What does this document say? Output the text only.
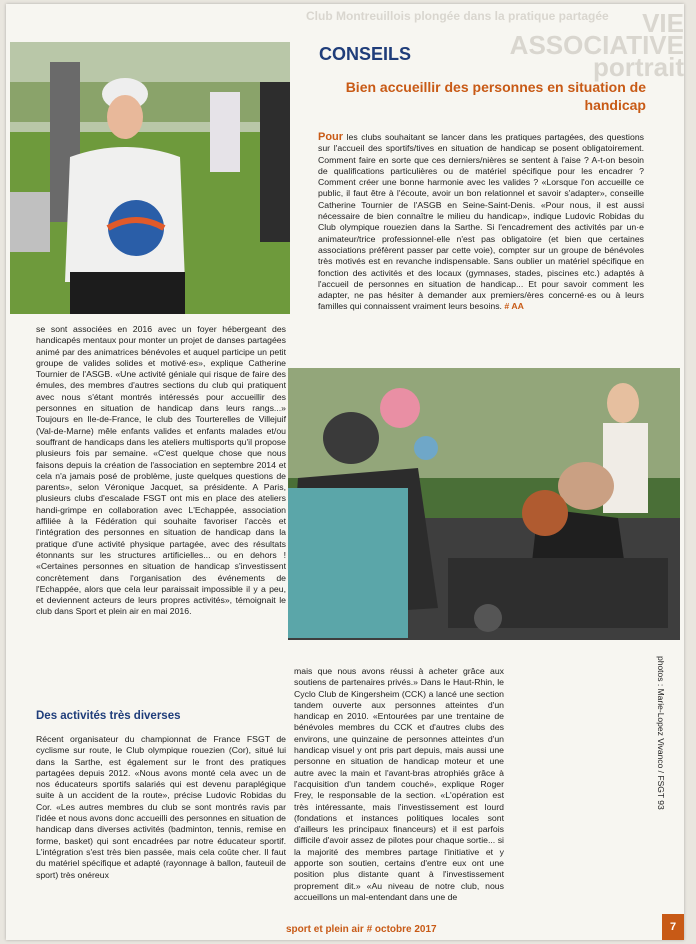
Club Montreuillois plongée dans la pratique partagée	VIE ASSOCIATIVE portrait
CONSEILS
Bien accueillir des personnes en situation de handicap

Pour les clubs souhaitant se lancer dans les pratiques partagées, des questions sur l'accueil des sportifs/tives en situation de handicap se posent obligatoirement. Comment faire en sorte que ces derniers/nières se sentent à l'aise ? A-t-on besoin de qualifications particulières ou de matériel spécifique pour les encadrer ? Comment créer une bonne harmonie avec les valides ? «Lorsque l'on accueille ce public, il faut être à l'écoute, avoir un bon relationnel et savoir s'adapter», conseille Catherine Tournier de l'ASGB en Seine-Saint-Denis. «Pour nous, il est aussi nécessaire de bien connaître le milieu du handicap», indique Ludovic Robidas du Club olympique rouezien dans la Sarthe. Si l'encadrement des activités par un·e animateur/trice professionnel·elle n'est pas obligatoire (et bien que certaines associations préfèrent passer par cette voie), compter sur un groupe de bénévoles très motivés est en revanche indispensable. Sans oublier un matériel spécifique en fonction des activités et des locaux (gymnases, stades, piscines etc.) adaptés à l'accueil de personnes en situation de handicap... Et pour savoir comment les adapter, ne pas hésiter à demander aux premiers/ères concerné·es ou à leurs familles qui connaissent vraiment leurs besoins. # AA

se sont associées en 2016 avec un foyer hébergeant des handicapés mentaux pour monter un projet de danses partagées animé par des animatrices bénévoles et auquel participe un petit groupe de valides solides et motivé·es», explique Catherine Tournier de l'ASGB. «Une activité géniale qui risque de faire des émules, des membres d'autres sections du club qui pratiquent avec nous s'étant montrés intéressés pour accueillir des personnes en situation de handicap dans leurs rangs...» Toujours en Ile-de-France, le club des Tourterelles de Villejuif (Val-de-Marne) mêle enfants valides et enfants malades et/ou souffrant de handicaps dans les ateliers multisports qu'il propose plusieurs fois par semaine. «C'est quelque chose que nous faisons depuis la création de l'association en septembre 2014 et cela n'a jamais posé de problème, juste quelques questions de parents», selon Véronique Jacquet, sa présidente. A Paris, plusieurs clubs d'escalade FSGT ont mis en place des ateliers handi-grimpe en collaboration avec L'Echappée, association affiliée à la Fédération qui souhaite favoriser l'accès et l'intégration des personnes en situation de handicap dans la pratique d'une activité physique partagée, avec des résultats étonnants sur les structures artificielles... ou en dehors ! «Certaines personnes en situation de handicap s'investissent concrètement dans l'organisation des événements de l'Echappée, alors que cela leur paraissait impossible il y a peu, et deviennent acteurs de leurs propres activités», témoignait le club dans Sport et plein air en mai 2016.
Des activités très diverses
Récent organisateur du championnat de France FSGT de cyclisme sur route, le Club olympique rouezien (Cor), situé lui dans la Sarthe, est également sur le front des pratiques partagées depuis 2012. «Nous avons monté cela avec un de nos éducateurs sportifs salariés qui est devenu paraplégique suite à un accident de la route», précise Ludovic Robidas du Cor. «Les autres membres du club se sont montrés ravis par l'idée et nous avons donc accueilli des personnes en situation de handicap dans diverses activités (badminton, tennis, remise en forme, basket) qui sont encadrées par notre éducateur sportif. L'intégration s'est très bien passée, mais cela coûte cher. Il faut du matériel spécifique et adapté (rayonnage à ballon, fauteuil de sport) très onéreux
photos : Marie-Lopez Vivanco / FSGT 93
mais que nous avons réussi à acheter grâce aux soutiens de partenaires privés.» Dans le Haut-Rhin, le Cyclo Club de Kingersheim (CCK) a lancé une section tandem ouverte aux personnes atteintes d'un handicap en 2010. «Entourées par une trentaine de bénévoles membres du CCK et d'autres clubs des environs, une quinzaine de personnes atteintes d'un handicap visuel y ont pris part depuis, mais aussi une personne en situation de handicap moteur et une autre avec la main et l'avant-bras atrophiés grâce à l'acquisition d'un tandem couché», explique Roger Frey, le responsable de la section. «L'opération est très intéressante, mais l'investissement est lourd (fondations et instances politiques locales sont d'ailleurs les principaux financeurs) et il est parfois difficile d'avoir assez de pilotes pour chaque sortie... si la majorité des membres partage l'initiative et y apporte son soutien, certains d'entre eux ont une position plus distante quant à l'investissement proprement dit.» «Au niveau de notre club, nous accueillons un mal-entendant dans une de
sport et plein air # octobre 2017	7
